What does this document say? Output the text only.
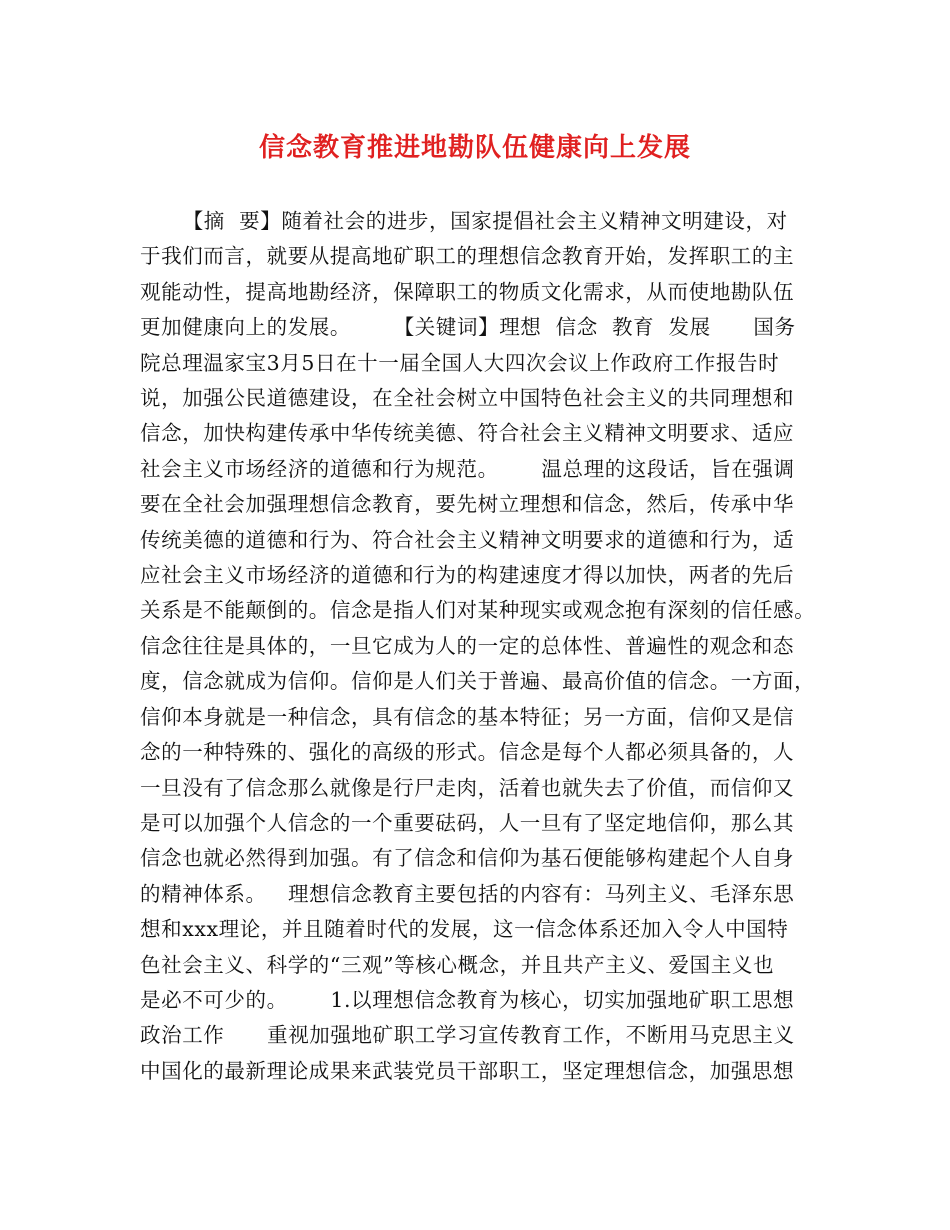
信念教育推进地勘队伍健康向上发展
【摘  要】随着社会的进步，国家提倡社会主义精神文明建设，对
于我们而言，就要从提高地矿职工的理想信念教育开始，发挥职工的主
观能动性，提高地勘经济，保障职工的物质文化需求，从而使地勘队伍
更加健康向上的发展。      【关键词】理想  信念  教育  发展      国务
院总理温家宝3月5日在十一届全国人大四次会议上作政府工作报告时
说，加强公民道德建设，在全社会树立中国特色社会主义的共同理想和
信念，加快构建传承中华传统美德、符合社会主义精神文明要求、适应
社会主义市场经济的道德和行为规范。      温总理的这段话，旨在强调
要在全社会加强理想信念教育，要先树立理想和信念，然后，传承中华
传统美德的道德和行为、符合社会主义精神文明要求的道德和行为，适
应社会主义市场经济的道德和行为的构建速度才得以加快，两者的先后
关系是不能颠倒的。信念是指人们对某种现实或观念抱有深刻的信任感。
信念往往是具体的，一旦它成为人的一定的总体性、普遍性的观念和态
度，信念就成为信仰。信仰是人们关于普遍、最高价值的信念。一方面，
信仰本身就是一种信念，具有信念的基本特征；另一方面，信仰又是信
念的一种特殊的、强化的高级的形式。信念是每个人都必须具备的，人
一旦没有了信念那么就像是行尸走肉，活着也就失去了价值，而信仰又
是可以加强个人信念的一个重要砝码，人一旦有了坚定地信仰，那么其
信念也就必然得到加强。有了信念和信仰为基石便能够构建起个人自身
的精神体系。   理想信念教育主要包括的内容有：马列主义、毛泽东思
想和xxx理论，并且随着时代的发展，这一信念体系还加入令人中国特
色社会主义、科学的“三观”等核心概念，并且共产主义、爱国主义也
是必不可少的。      1.以理想信念教育为核心，切实加强地矿职工思想
政治工作      重视加强地矿职工学习宣传教育工作，不断用马克思主义
中国化的最新理论成果来武装党员干部职工，坚定理想信念，加强思想
